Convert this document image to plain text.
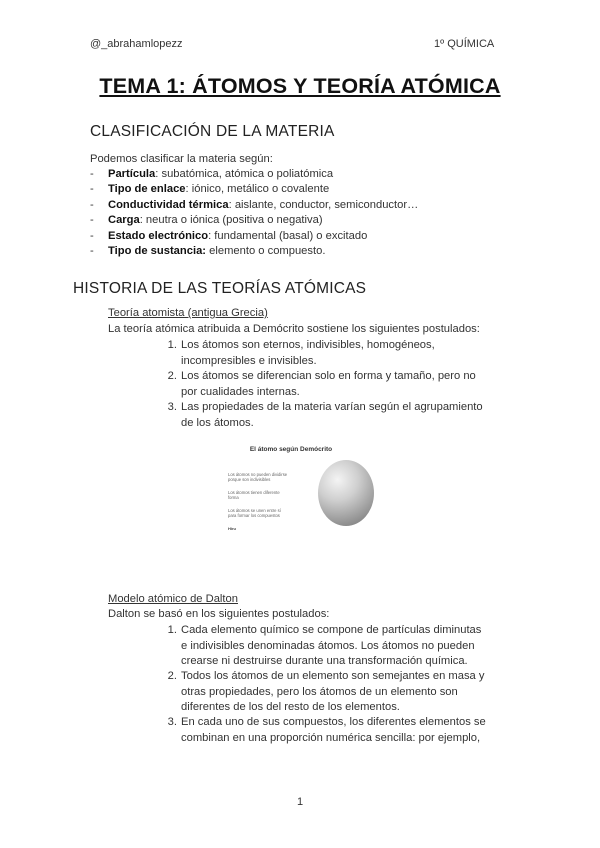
@_abrahamlopezz	1º QUÍMICA
TEMA 1: ÁTOMOS Y TEORÍA ATÓMICA
CLASIFICACIÓN DE LA MATERIA
Podemos clasificar la materia según:
- Partícula: subatómica, atómica o poliatómica
- Tipo de enlace: iónico, metálico o covalente
- Conductividad térmica: aislante, conductor, semiconductor…
- Carga: neutra o iónica (positiva o negativa)
- Estado electrónico: fundamental (basal) o excitado
- Tipo de sustancia: elemento o compuesto.
HISTORIA DE LAS TEORÍAS ATÓMICAS
Teoría atomista (antigua Grecia)
La teoría atómica atribuida a Demócrito sostiene los siguientes postulados:
1. Los átomos son eternos, indivisibles, homogéneos,
incompresibles e invisibles.
2. Los átomos se diferencian solo en forma y tamaño, pero no
por cualidades internas.
3. Las propiedades de la materia varían según el agrupamiento
de los átomos.
El átomo según Demócrito
Los átomos no pueden dividirse
porque son indivisibles
Los átomos tienen diferente
forma
Los átomos se unen entre sí
para formar los compuestos
Hiru
Modelo atómico de Dalton
Dalton se basó en los siguientes postulados:
1. Cada elemento químico se compone de partículas diminutas
e indivisibles denominadas átomos. Los átomos no pueden
crearse ni destruirse durante una transformación química.
2. Todos los átomos de un elemento son semejantes en masa y
otras propiedades, pero los átomos de un elemento son
diferentes de los del resto de los elementos.
3. En cada uno de sus compuestos, los diferentes elementos se
combinan en una proporción numérica sencilla: por ejemplo,
1
